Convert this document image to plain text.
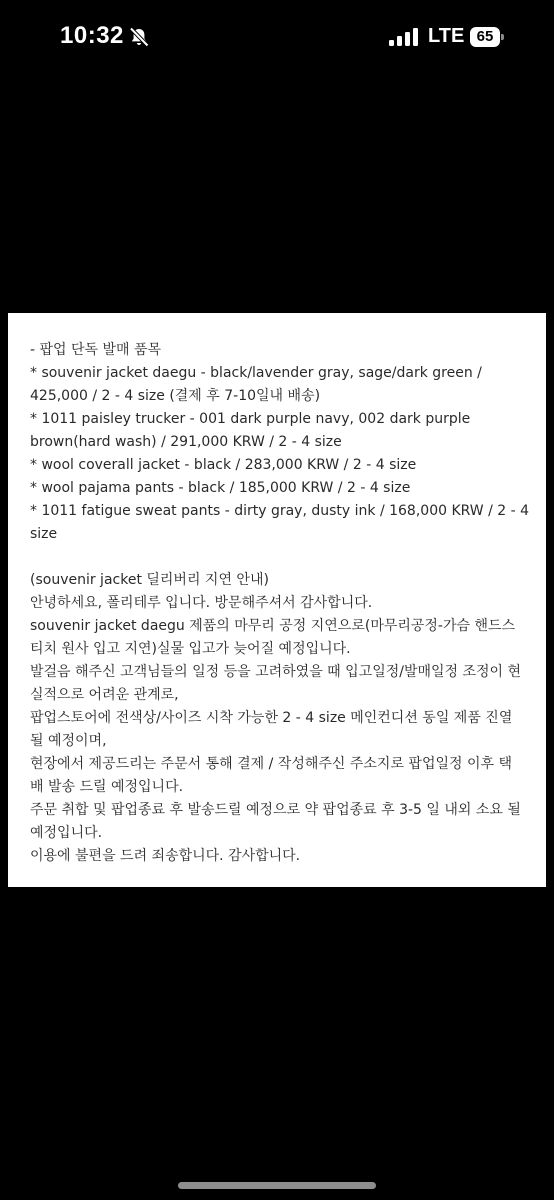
10:32	LTE 65

- 팝업 단독 발매 품목

* souvenir jacket daegu - black/lavender gray, sage/dark green /

425,000 / 2 - 4 size (결제 후 7-10일내 배송)

* 1011 paisley trucker - 001 dark purple navy, 002 dark purple

brown(hard wash) / 291,000 KRW / 2 - 4 size

* wool coverall jacket - black / 283,000 KRW / 2 - 4 size

* wool pajama pants - black / 185,000 KRW / 2 - 4 size

* 1011 fatigue sweat pants - dirty gray, dusty ink / 168,000 KRW / 2 - 4

size

(souvenir jacket 딜리버리 지연 안내)

안녕하세요, 폴리테루 입니다. 방문해주셔서 감사합니다.

souvenir jacket daegu 제품의 마무리 공정 지연으로(마무리공정-가슴 핸드스

티치 원사 입고 지연)실물 입고가 늦어질 예정입니다.

발걸음 해주신 고객님들의 일정 등을 고려하였을 때 입고일정/발매일정 조정이 현

실적으로 어려운 관계로,

팝업스토어에 전색상/사이즈 시착 가능한 2 - 4 size 메인컨디션 동일 제품 진열

될 예정이며,

현장에서 제공드리는 주문서 통해 결제 / 작성해주신 주소지로 팝업일정 이후 택

배 발송 드릴 예정입니다.

주문 취합 및 팝업종료 후 발송드릴 예정으로 약 팝업종료 후 3-5 일 내외 소요 될

예정입니다.

이용에 불편을 드려 죄송합니다. 감사합니다.
